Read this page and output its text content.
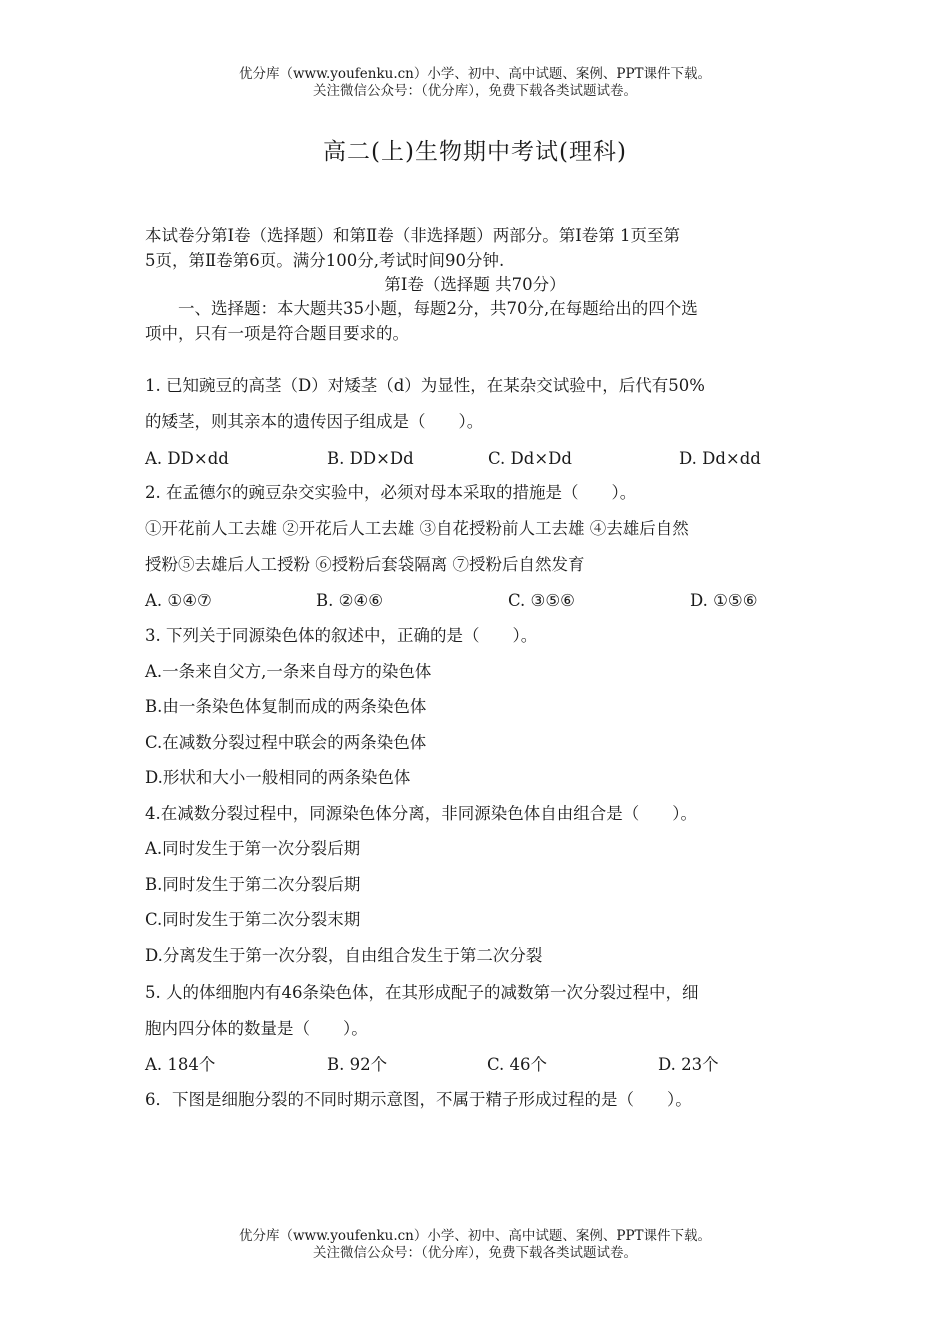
优分库（www.youfenku.cn）小学、初中、高中试题、案例、PPT课件下载。
关注微信公众号：（优分库），免费下载各类试题试卷。
高二(上)生物期中考试(理科)
本试卷分第Ⅰ卷（选择题）和第Ⅱ卷（非选择题）两部分。第Ⅰ卷第 1页至第
5页，第Ⅱ卷第6页。满分100分,考试时间90分钟.
第Ⅰ卷（选择题 共70分）
一、选择题：本大题共35小题，每题2分，共70分,在每题给出的四个选
项中，只有一项是符合题目要求的。
1. 已知豌豆的高茎（D）对矮茎（d）为显性，在某杂交试验中，后代有50%
的矮茎，则其亲本的遗传因子组成是（　　）。
A. DD×dd	B. DD×Dd	C. Dd×Dd	D. Dd×dd
2. 在孟德尔的豌豆杂交实验中，必须对母本采取的措施是（　　）。
①开花前人工去雄 ②开花后人工去雄 ③自花授粉前人工去雄 ④去雄后自然
授粉⑤去雄后人工授粉 ⑥授粉后套袋隔离 ⑦授粉后自然发育
A. ①④⑦	B. ②④⑥	C. ③⑤⑥	D. ①⑤⑥
3. 下列关于同源染色体的叙述中，正确的是（　　）。
A.一条来自父方,一条来自母方的染色体
B.由一条染色体复制而成的两条染色体
C.在减数分裂过程中联会的两条染色体
D.形状和大小一般相同的两条染色体
4.在减数分裂过程中，同源染色体分离，非同源染色体自由组合是（　　）。
A.同时发生于第一次分裂后期
B.同时发生于第二次分裂后期
C.同时发生于第二次分裂末期
D.分离发生于第一次分裂，自由组合发生于第二次分裂
5. 人的体细胞内有46条染色体，在其形成配子的减数第一次分裂过程中，细
胞内四分体的数量是（　　）。
A. 184个	B. 92个	C. 46个	D. 23个
6．下图是细胞分裂的不同时期示意图，不属于精子形成过程的是（　　）。
优分库（www.youfenku.cn）小学、初中、高中试题、案例、PPT课件下载。
关注微信公众号：（优分库），免费下载各类试题试卷。
